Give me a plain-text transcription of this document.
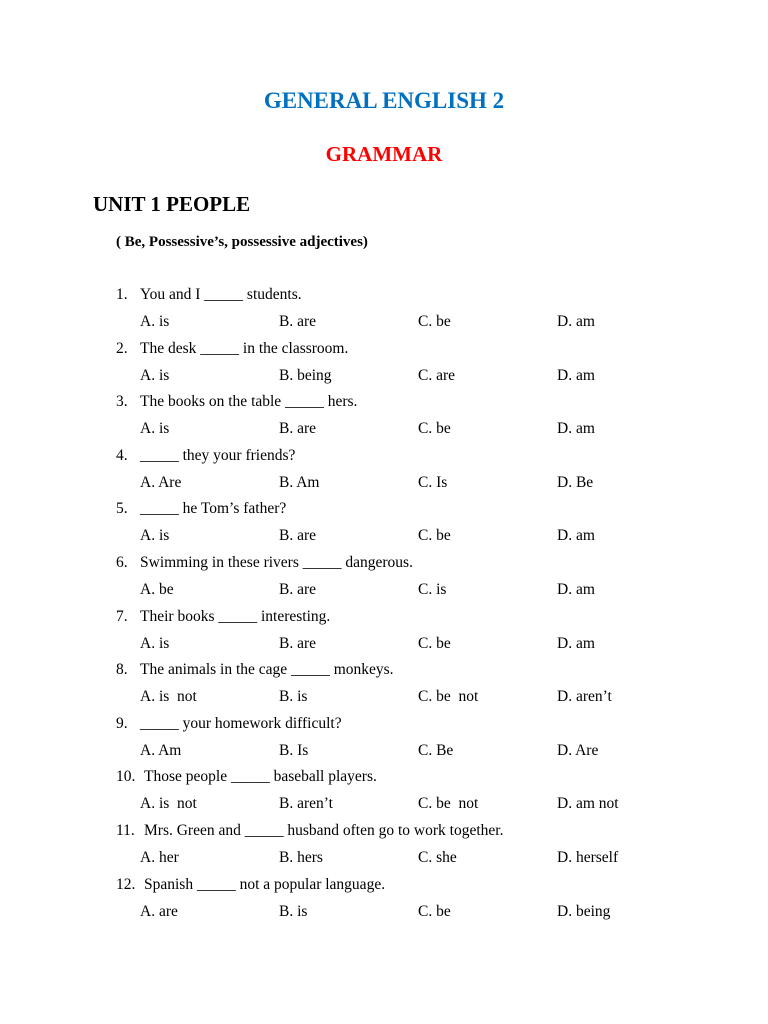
GENERAL ENGLISH 2
GRAMMAR
UNIT 1 PEOPLE
( Be, Possessive’s, possessive adjectives)
1. You and I _____ students.
A. is	B. are	C. be	D. am
2. The desk _____ in the classroom.
A. is	B. being	C. are	D. am
3. The books on the table _____ hers.
A. is	B. are	C. be	D. am
4. _____ they your friends?
A. Are	B. Am	C. Is	D. Be
5. _____ he Tom’s father?
A. is	B. are	C. be	D. am
6. Swimming in these rivers _____ dangerous.
A. be	B. are	C. is	D. am
7. Their books _____ interesting.
A. is	B. are	C. be	D. am
8. The animals in the cage _____ monkeys.
A. is  not	B. is	C. be  not	D. aren’t
9. _____ your homework difficult?
A. Am	B. Is	C. Be	D. Are
10. Those people _____ baseball players.
A. is  not	B. aren’t	C. be  not	D. am not
11. Mrs. Green and _____ husband often go to work together.
A. her	B. hers	C. she	D. herself
12. Spanish _____ not a popular language.
A. are	B. is	C. be	D. being
